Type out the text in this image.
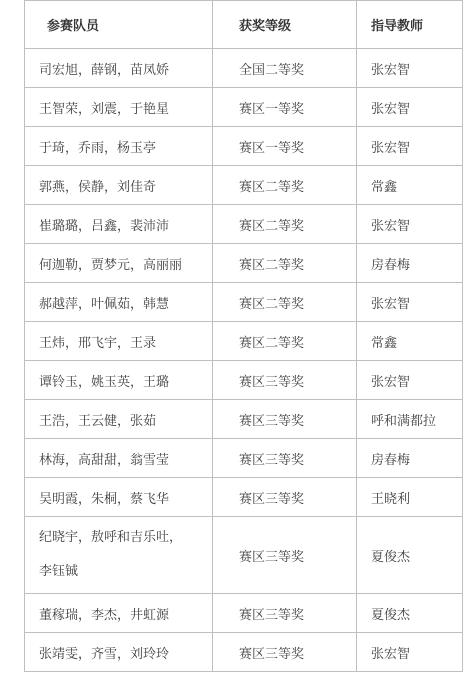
参赛队员	获奖等级	指导教师
司宏旭，薛钢，苗凤娇	全国二等奖	张宏智
王智荣，刘震，于艳星	赛区一等奖	张宏智
于琦，乔雨，杨玉亭	赛区一等奖	张宏智
郭燕，侯静，刘佳奇	赛区二等奖	常鑫
崔璐璐，吕鑫，裴沛沛	赛区二等奖	张宏智
何迦勒，贾梦元，高丽丽	赛区二等奖	房春梅
郝越萍，叶佩茹，韩慧	赛区二等奖	张宏智
王炜，邢飞宇，王录	赛区二等奖	常鑫
谭铃玉，姚玉英，王璐	赛区三等奖	张宏智
王浩，王云健，张茹	赛区三等奖	呼和满都拉
林海，高甜甜，翁雪莹	赛区三等奖	房春梅
吴明霞，朱桐，蔡飞华	赛区三等奖	王晓利
纪晓宇，敖呼和吉乐吐，
李钰铖	赛区三等奖	夏俊杰
董稼瑞，李杰，井虹源	赛区三等奖	夏俊杰
张靖雯，齐雪，刘玲玲	赛区三等奖	张宏智
